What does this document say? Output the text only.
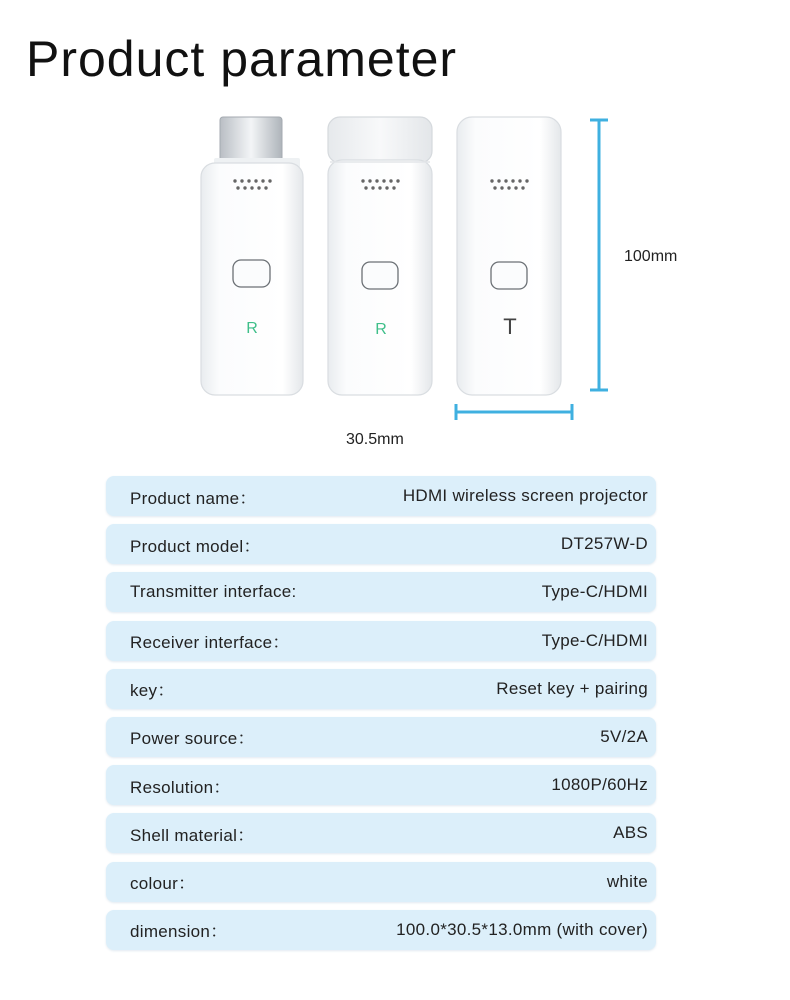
Product parameter
R	R	T
100mm
30.5mm
Product name：	HDMI wireless screen projector
Product model：	DT257W-D
Transmitter interface:	Type-C/HDMI
Receiver interface：	Type-C/HDMI
key：	Reset key + pairing
Power source：	5V/2A
Resolution：	1080P/60Hz
Shell material：	ABS
colour：	white
dimension：	100.0*30.5*13.0mm (with cover)
